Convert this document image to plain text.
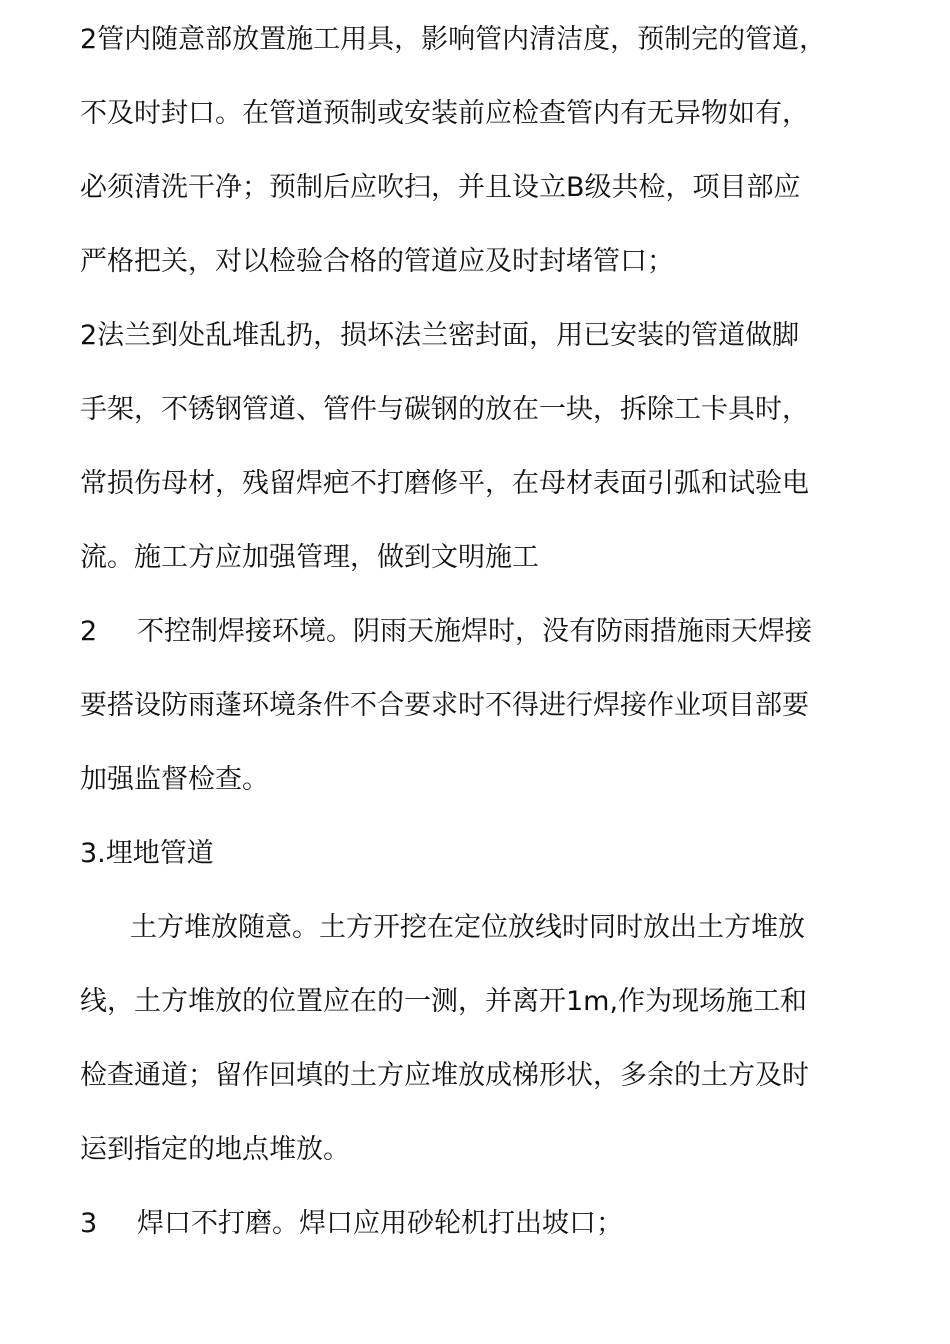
2管内随意部放置施工用具，影响管内清洁度，预制完的管道，
不及时封口。在管道预制或安装前应检查管内有无异物如有，
必须清洗干净；预制后应吹扫，并且设立B级共检，项目部应
严格把关，对以检验合格的管道应及时封堵管口；
2法兰到处乱堆乱扔，损坏法兰密封面，用已安装的管道做脚
手架，不锈钢管道、管件与碳钢的放在一块，拆除工卡具时，
常损伤母材，残留焊疤不打磨修平，在母材表面引弧和试验电
流。施工方应加强管理，做到文明施工
2 不控制焊接环境。阴雨天施焊时，没有防雨措施雨天焊接
要搭设防雨蓬环境条件不合要求时不得进行焊接作业项目部要
加强监督检查。
3.埋地管道
土方堆放随意。土方开挖在定位放线时同时放出土方堆放
线，土方堆放的位置应在的一测，并离开1m,作为现场施工和
检查通道；留作回填的土方应堆放成梯形状，多余的土方及时
运到指定的地点堆放。
3 焊口不打磨。焊口应用砂轮机打出坡口；
